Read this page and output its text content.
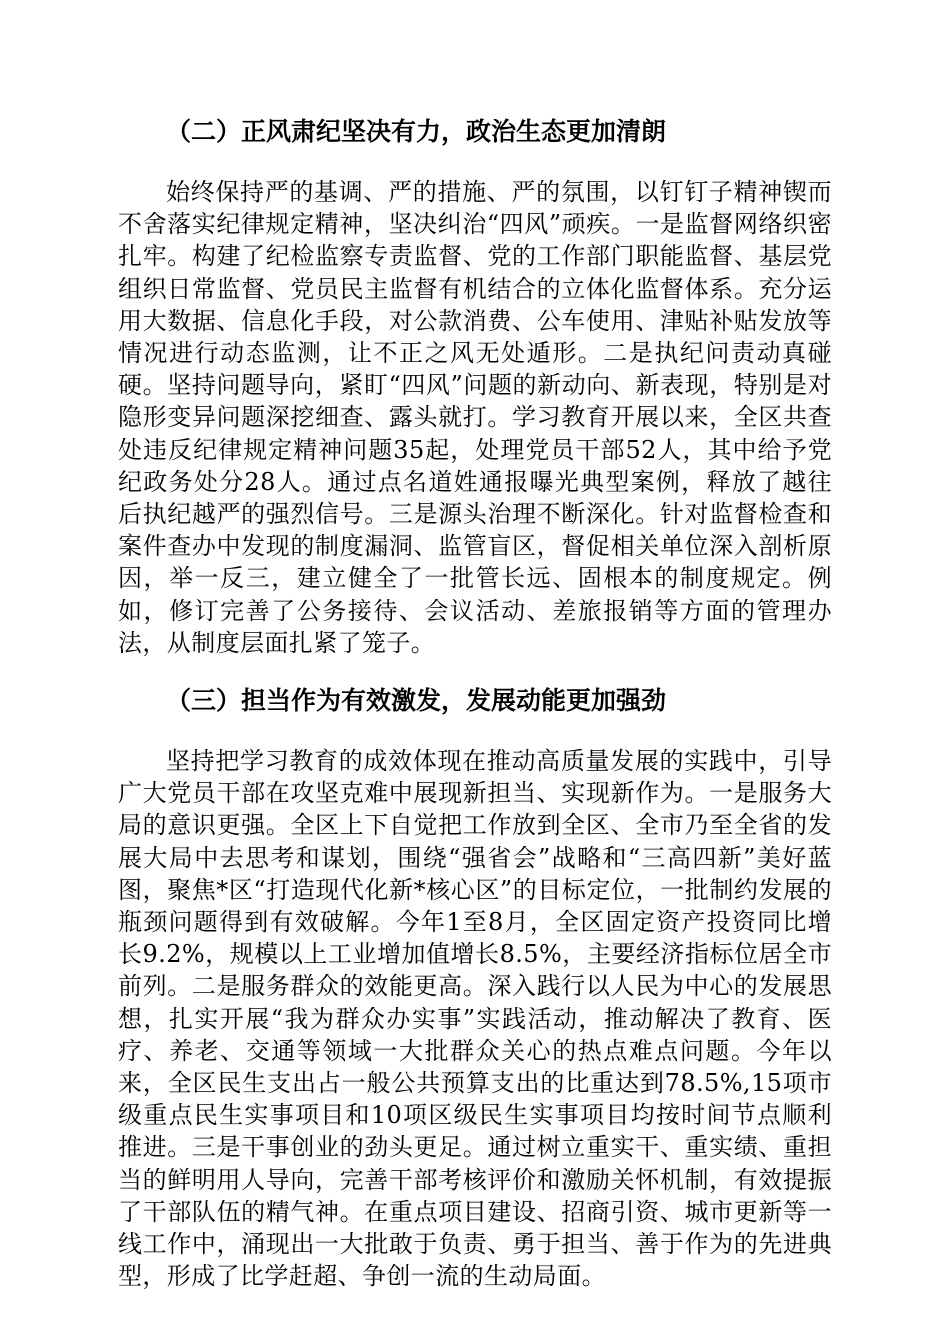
（二）正风肃纪坚决有力，政治生态更加清朗

始终保持严的基调、严的措施、严的氛围，以钉钉子精神锲而不舍落实纪律规定精神，坚决纠治“四风”顽疾。一是监督网络织密扎牢。构建了纪检监察专责监督、党的工作部门职能监督、基层党组织日常监督、党员民主监督有机结合的立体化监督体系。充分运用大数据、信息化手段，对公款消费、公车使用、津贴补贴发放等情况进行动态监测，让不正之风无处遁形。二是执纪问责动真碰硬。坚持问题导向，紧盯“四风”问题的新动向、新表现，特别是对隐形变异问题深挖细查、露头就打。学习教育开展以来，全区共查处违反纪律规定精神问题35起，处理党员干部52人，其中给予党纪政务处分28人。通过点名道姓通报曝光典型案例，释放了越往后执纪越严的强烈信号。三是源头治理不断深化。针对监督检查和案件查办中发现的制度漏洞、监管盲区，督促相关单位深入剖析原因，举一反三，建立健全了一批管长远、固根本的制度规定。例如，修订完善了公务接待、会议活动、差旅报销等方面的管理办法，从制度层面扎紧了笼子。

（三）担当作为有效激发，发展动能更加强劲

坚持把学习教育的成效体现在推动高质量发展的实践中，引导广大党员干部在攻坚克难中展现新担当、实现新作为。一是服务大局的意识更强。全区上下自觉把工作放到全区、全市乃至全省的发展大局中去思考和谋划，围绕“强省会”战略和“三高四新”美好蓝图，聚焦*区“打造现代化新*核心区”的目标定位，一批制约发展的瓶颈问题得到有效破解。今年1至8月，全区固定资产投资同比增长9.2%，规模以上工业增加值增长8.5%，主要经济指标位居全市前列。二是服务群众的效能更高。深入践行以人民为中心的发展思想，扎实开展“我为群众办实事”实践活动，推动解决了教育、医疗、养老、交通等领域一大批群众关心的热点难点问题。今年以来，全区民生支出占一般公共预算支出的比重达到78.5%,15项市级重点民生实事项目和10项区级民生实事项目均按时间节点顺利推进。三是干事创业的劲头更足。通过树立重实干、重实绩、重担当的鲜明用人导向，完善干部考核评价和激励关怀机制，有效提振了干部队伍的精气神。在重点项目建设、招商引资、城市更新等一线工作中，涌现出一大批敢于负责、勇于担当、善于作为的先进典型，形成了比学赶超、争创一流的生动局面。
